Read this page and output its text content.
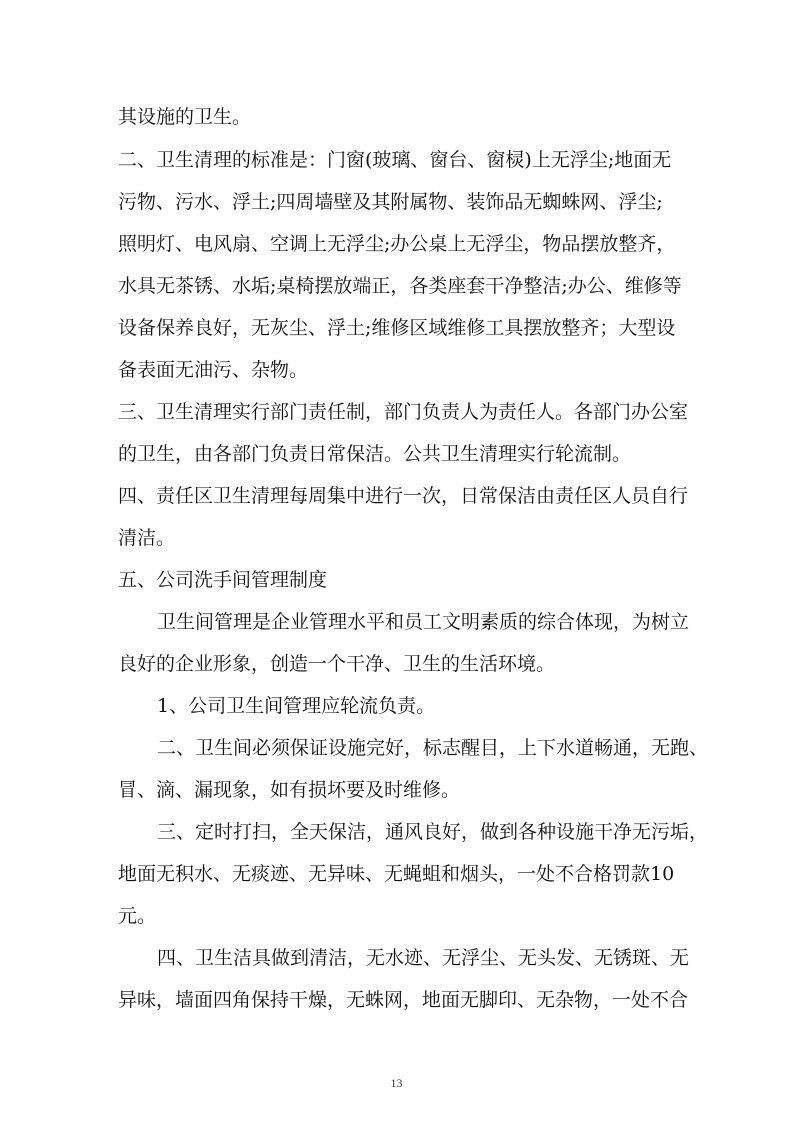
其设施的卫生。
二、卫生清理的标准是：门窗(玻璃、窗台、窗棂)上无浮尘;地面无
污物、污水、浮土;四周墙壁及其附属物、装饰品无蜘蛛网、浮尘;
照明灯、电风扇、空调上无浮尘;办公桌上无浮尘，物品摆放整齐，
水具无茶锈、水垢;桌椅摆放端正，各类座套干净整洁;办公、维修等
设备保养良好，无灰尘、浮土;维修区域维修工具摆放整齐；大型设
备表面无油污、杂物。
三、卫生清理实行部门责任制，部门负责人为责任人。各部门办公室
的卫生，由各部门负责日常保洁。公共卫生清理实行轮流制。
四、责任区卫生清理每周集中进行一次，日常保洁由责任区人员自行
清洁。
五、公司洗手间管理制度
卫生间管理是企业管理水平和员工文明素质的综合体现，为树立
良好的企业形象，创造一个干净、卫生的生活环境。
1、公司卫生间管理应轮流负责。
二、卫生间必须保证设施完好，标志醒目，上下水道畅通，无跑、
冒、滴、漏现象，如有损坏要及时维修。
三、定时打扫，全天保洁，通风良好，做到各种设施干净无污垢，
地面无积水、无痰迹、无异味、无蝇蛆和烟头，一处不合格罚款10
元。
四、卫生洁具做到清洁，无水迹、无浮尘、无头发、无锈斑、无
异味，墙面四角保持干燥，无蛛网，地面无脚印、无杂物，一处不合
13
